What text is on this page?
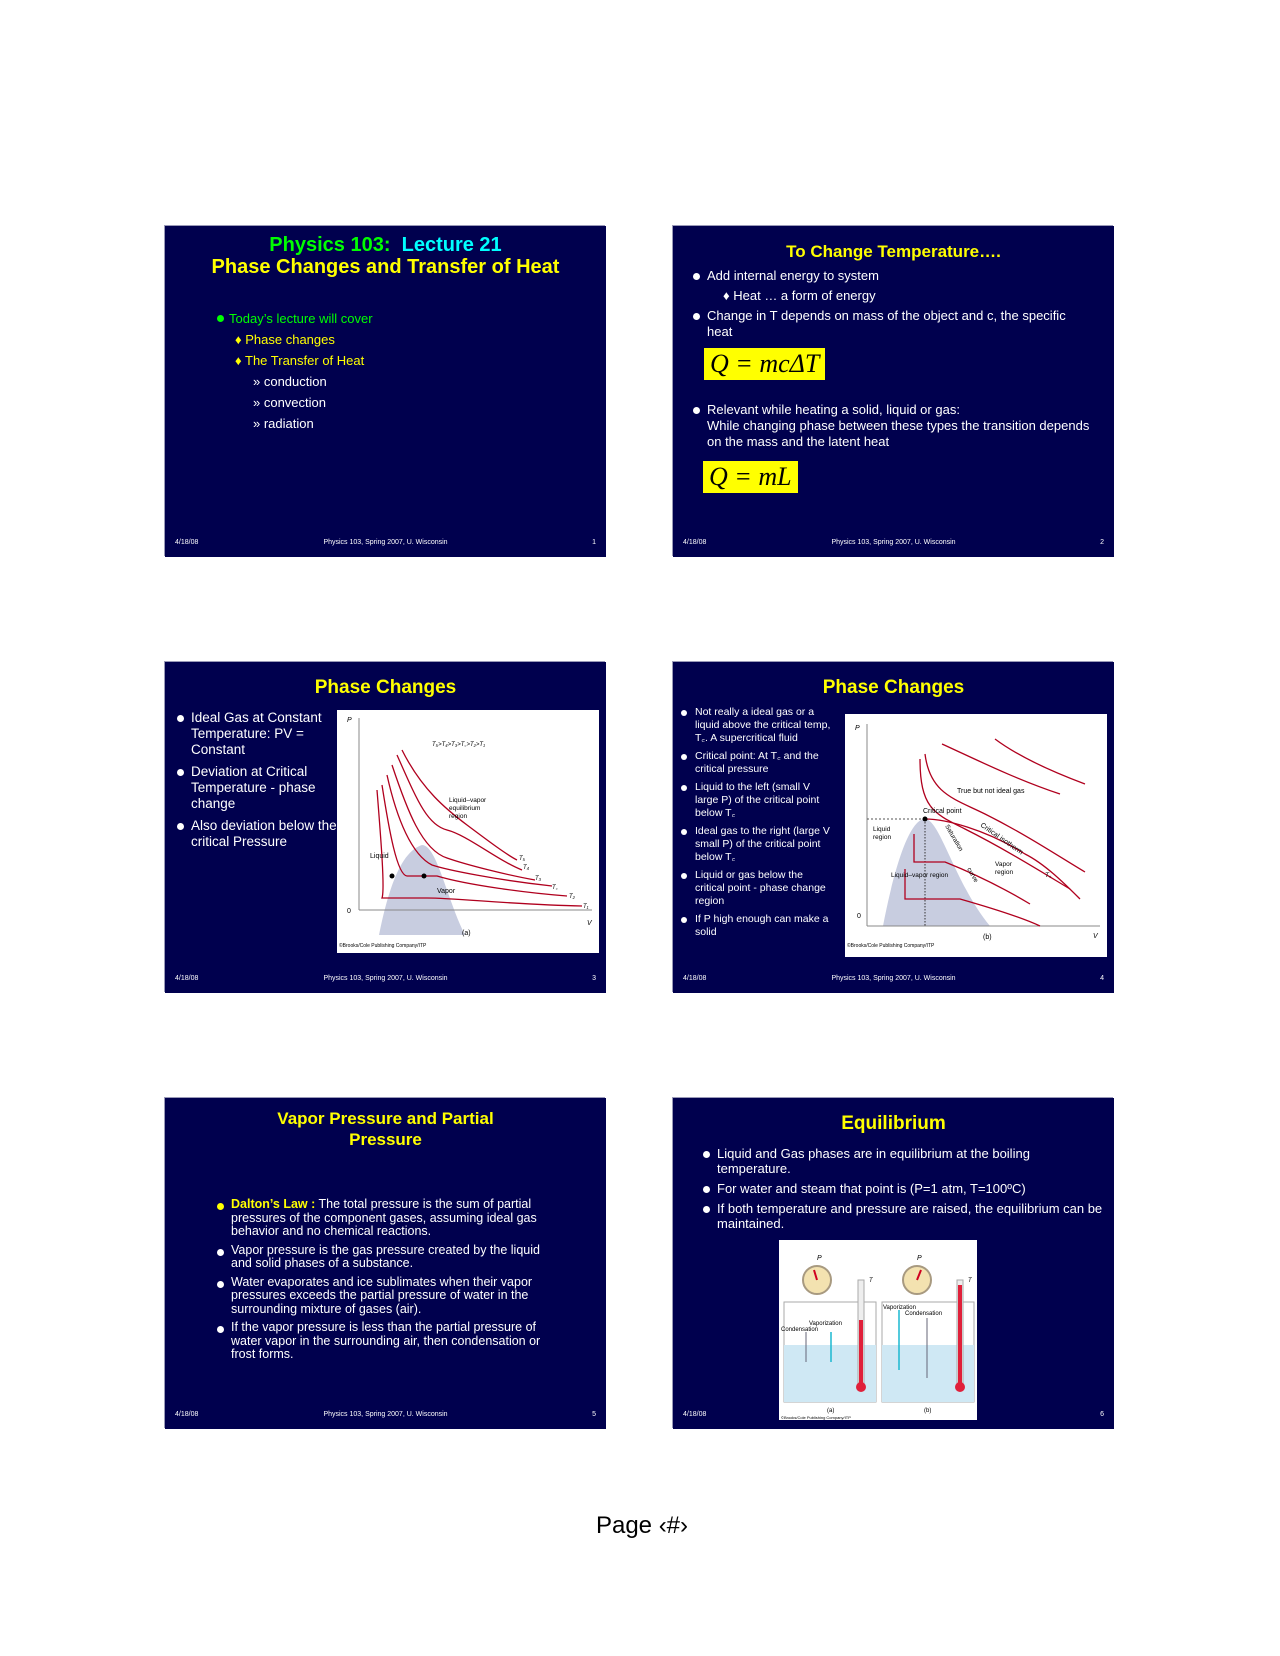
Physics 103: Lecture 21
Phase Changes and Transfer of Heat
Today’s lecture will cover
♦ Phase changes
♦ The Transfer of Heat
» conduction
» convection
» radiation
4/18/08	Physics 103, Spring 2007, U. Wisconsin	1
To Change Temperature….
Add internal energy to system
♦ Heat … a form of energy
Change in T depends on mass of the object and c, the specific heat
Q = mcΔT
Relevant while heating a solid, liquid or gas:
While changing phase between these types the transition depends on the mass and the latent heat
Q = mL
4/18/08	Physics 103, Spring 2007, U. Wisconsin	2
Phase Changes
Ideal Gas at Constant Temperature: PV = Constant
Deviation at Critical Temperature - phase change
Also deviation below the critical Pressure
P
0
V
T₅>T₄>T₃>T꜀>T₂>T₁
Liquid–vapor
equilibrium
region
Liquid
Vapor
T₅
T₄
T₃
T꜀
T₂
T₁
(a)
©Brooks/Cole Publishing Company/ITP
4/18/08	Physics 103, Spring 2007, U. Wisconsin	3
Phase Changes
Not really a ideal gas or a liquid above the critical temp, T꜀. A supercritical fluid
Critical point: At T꜀ and the critical pressure
Liquid to the left (small V large P) of the critical point below T꜀
Ideal gas to the right (large V small P) of the critical point below T꜀
Liquid or gas below the critical point - phase change region
If P high enough can make a solid
P
0
V
True but not ideal gas
Critical point
Liquid
region	Saturation
curve
Critical isotherm
Vapor
region
Liquid–vapor region	T꜀
(b)
©Brooks/Cole Publishing Company/ITP
4/18/08	Physics 103, Spring 2007, U. Wisconsin	4
Vapor Pressure and Partial Pressure
Dalton’s Law : The total pressure is the sum of partial pressures of the component gases, assuming ideal gas behavior and no chemical reactions.
Vapor pressure is the gas pressure created by the liquid and solid phases of a substance.
Water evaporates and ice sublimates when their vapor pressures exceeds the partial pressure of water in the surrounding mixture of gases (air).
If the vapor pressure is less than the partial pressure of water vapor in the surrounding air, then condensation or frost forms.
4/18/08	Physics 103, Spring 2007, U. Wisconsin	5
Equilibrium
Liquid and Gas phases are in equilibrium at the boiling temperature.
For water and steam that point is (P=1 atm, T=100ºC)
If both temperature and pressure are raised, the equilibrium can be maintained.
P	P
T	T
Vaporization
Condensation
Vaporization
Condensation
(a)	(b)
©Brooks/Cole Publishing Company/ITP
4/18/08	6
Page ‹#›
